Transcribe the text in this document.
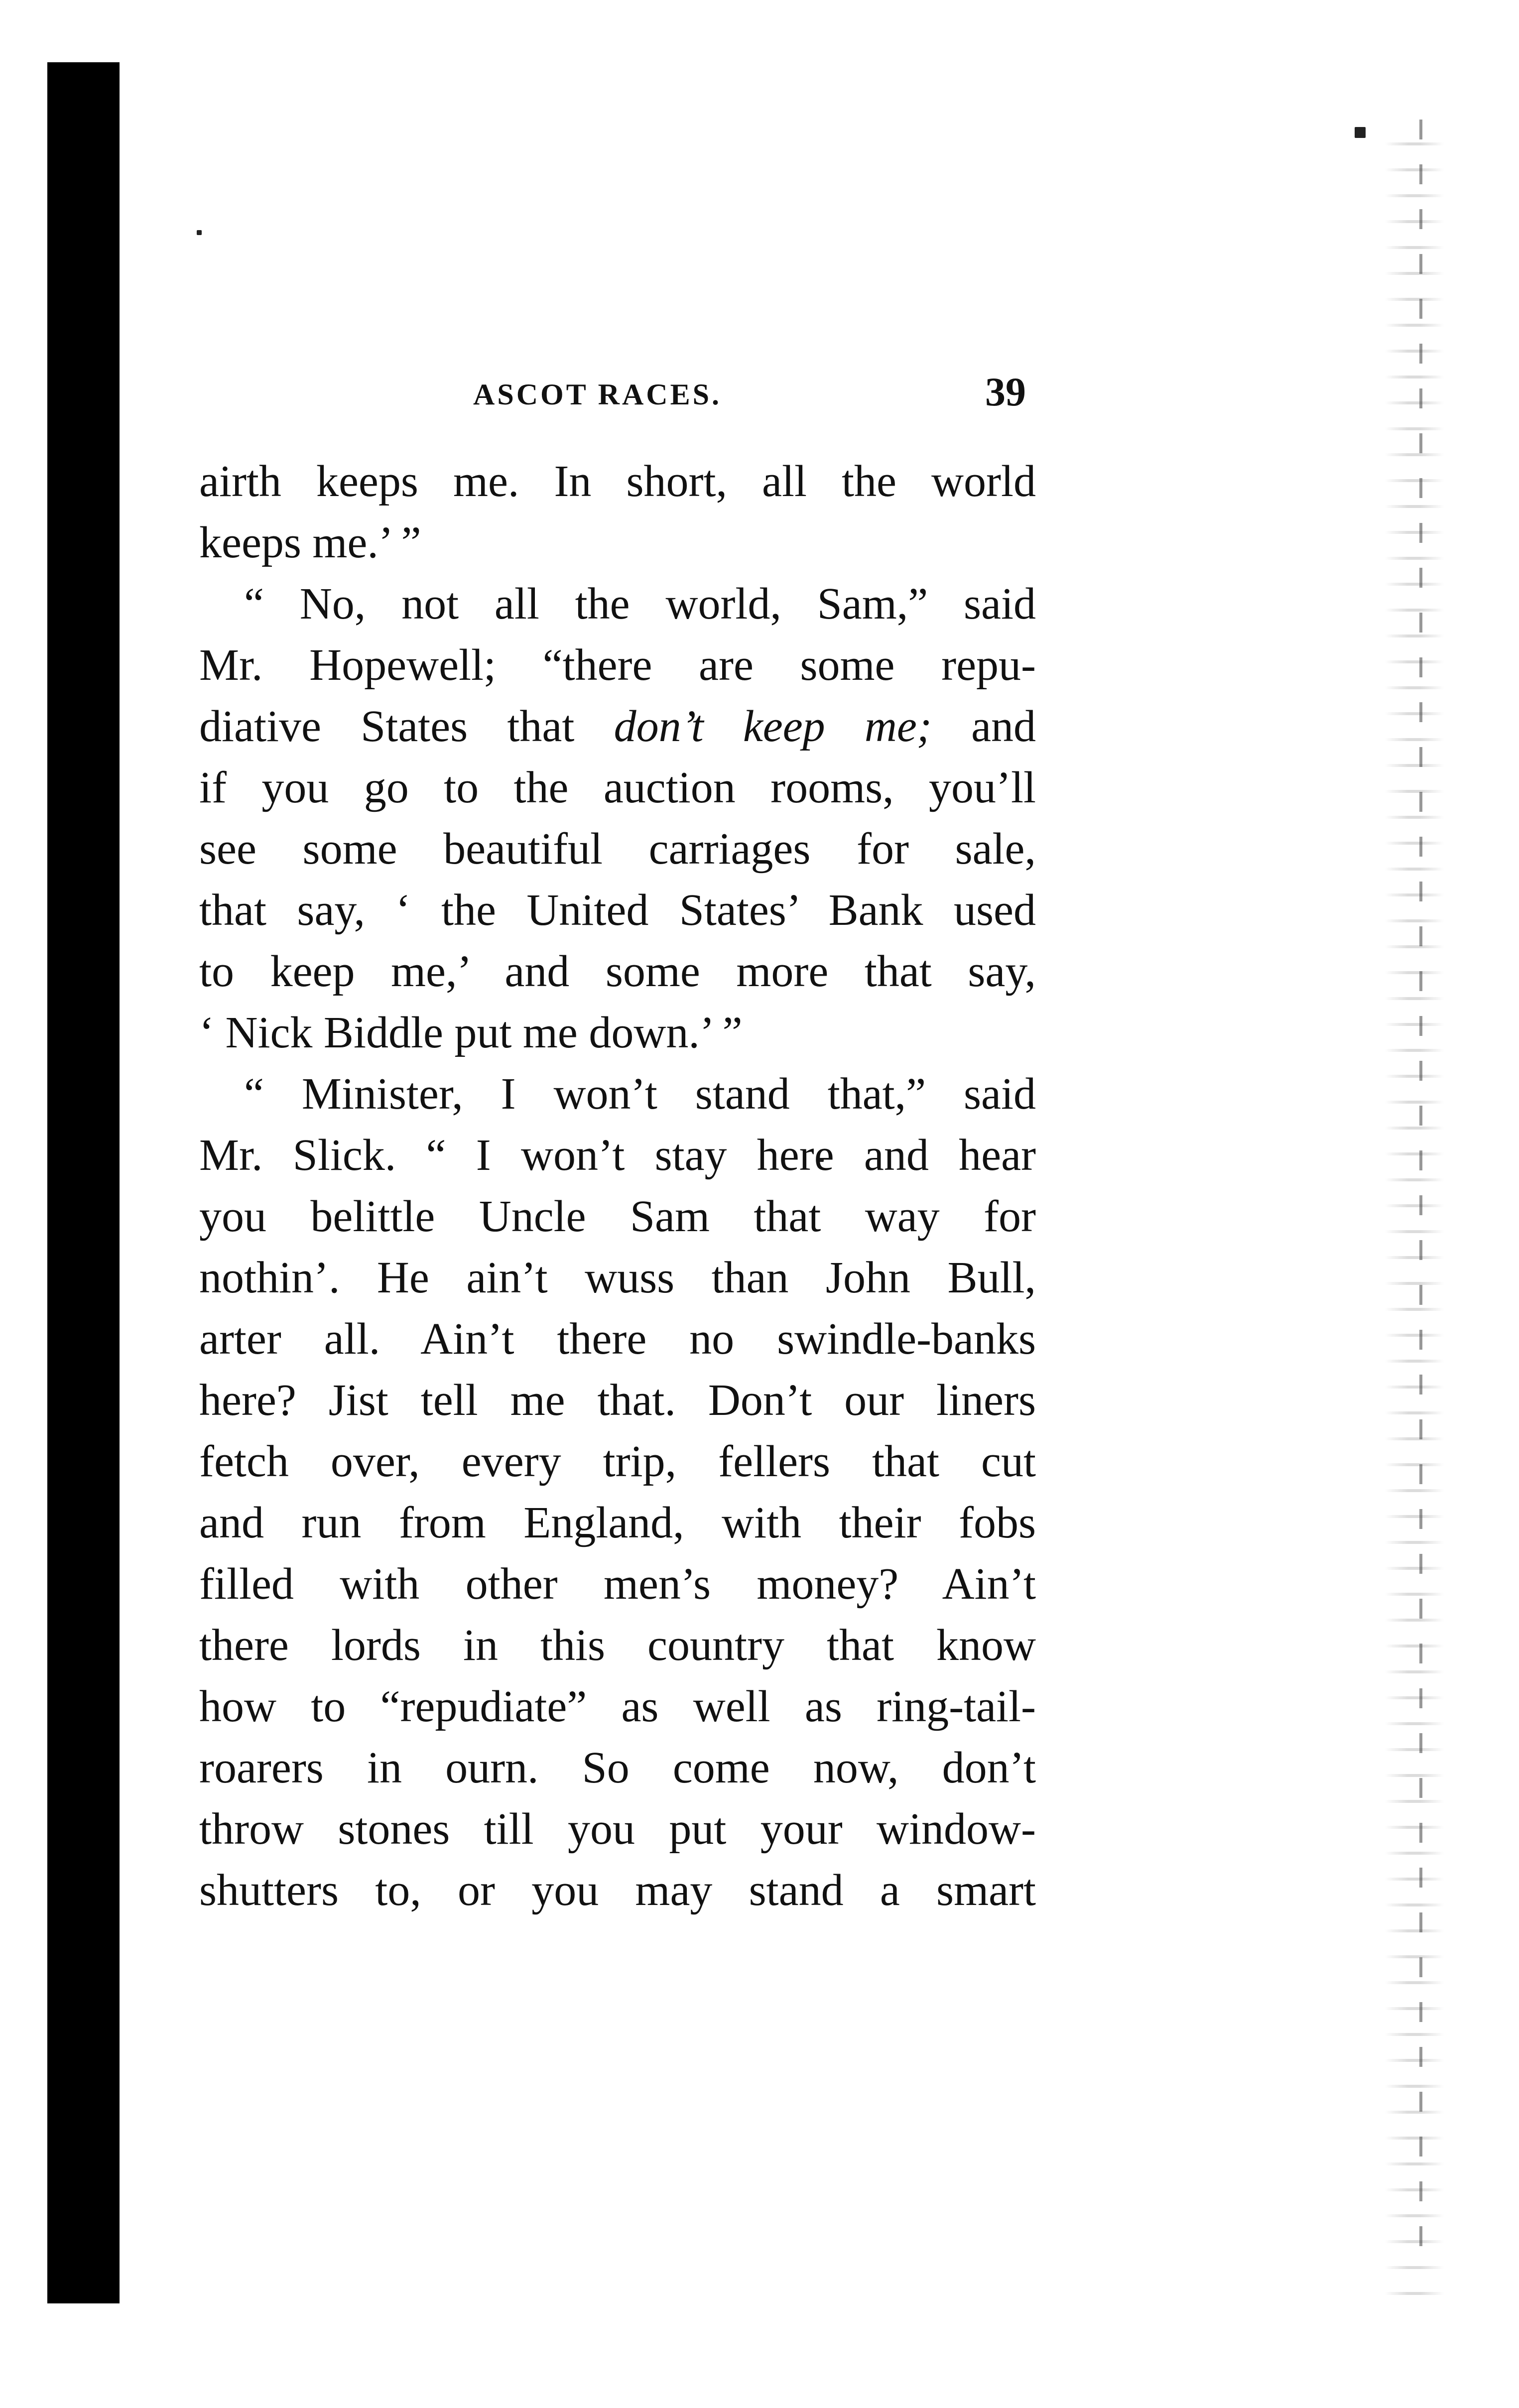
ASCOT RACES.	39
airth keeps me. In short, all the world
keeps me.’ ”
“ No, not all the world, Sam,” said
Mr. Hopewell; “there are some repu-
diative States that don’t keep me; and
if you go to the auction rooms, you’ll
see some beautiful carriages for sale,
that say, ‘ the United States’ Bank used
to keep me,’ and some more that say,
‘ Nick Biddle put me down.’ ”
“ Minister, I won’t stand that,” said
Mr. Slick. “ I won’t stay here and hear
you belittle Uncle Sam that way for
nothin’. He ain’t wuss than John Bull,
arter all. Ain’t there no swindle-banks
here? Jist tell me that. Don’t our liners
fetch over, every trip, fellers that cut
and run from England, with their fobs
filled with other men’s money? Ain’t
there lords in this country that know
how to “repudiate” as well as ring-tail-
roarers in ourn. So come now, don’t
throw stones till you put your window-
shutters to, or you may stand a smart
